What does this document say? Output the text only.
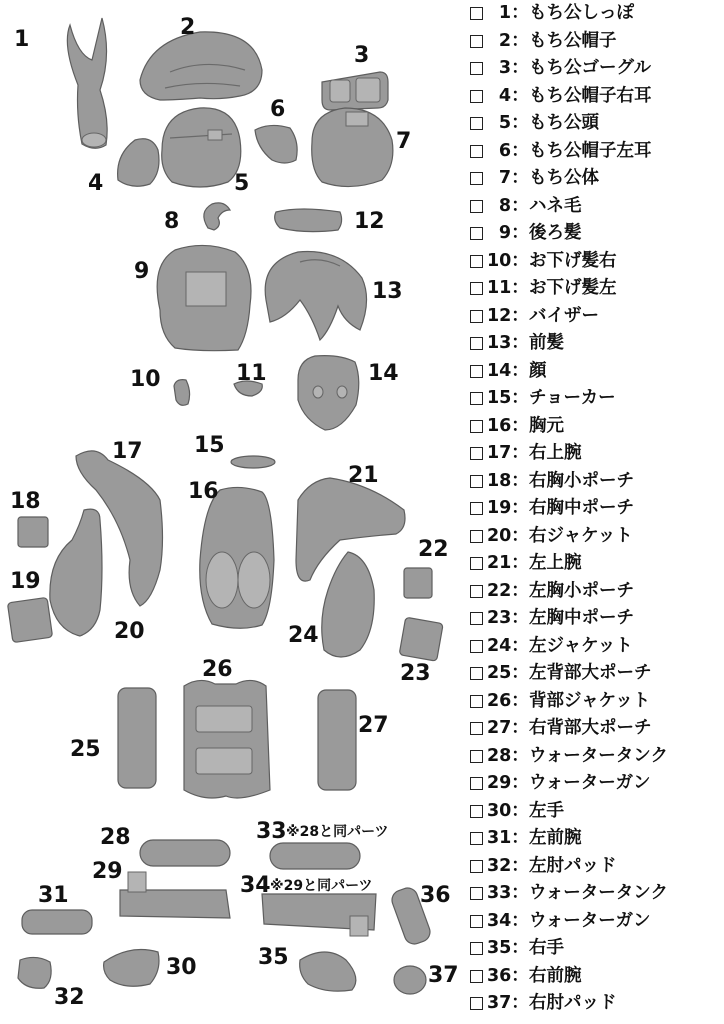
1	2
3
4	5
6
7
8
9
10	11
12
13
14
15
16
17
18
19
20
21
22
23
24
25
26
27
28
29
30
31
32
33 ※28と同パーツ
34 ※29と同パーツ
35
36
37
1 ： もち公しっぽ
2 ： もち公帽子
3 ： もち公ゴーグル
4 ： もち公帽子右耳
5 ： もち公頭
6 ： もち公帽子左耳
7 ： もち公体
8 ： ハネ毛
9 ： 後ろ髪
10 ： お下げ髪右
11 ： お下げ髪左
12 ： バイザー
13 ： 前髪
14 ： 顔
15 ： チョーカー
16 ： 胸元
17 ： 右上腕
18 ： 右胸小ポーチ
19 ： 右胸中ポーチ
20 ： 右ジャケット
21 ： 左上腕
22 ： 左胸小ポーチ
23 ： 左胸中ポーチ
24 ： 左ジャケット
25 ： 左背部大ポーチ
26 ： 背部ジャケット
27 ： 右背部大ポーチ
28 ： ウォータータンク
29 ： ウォーターガン
30 ： 左手
31 ： 左前腕
32 ： 左肘パッド
33 ： ウォータータンク
34 ： ウォーターガン
35 ： 右手
36 ： 右前腕
37 ： 右肘パッド
